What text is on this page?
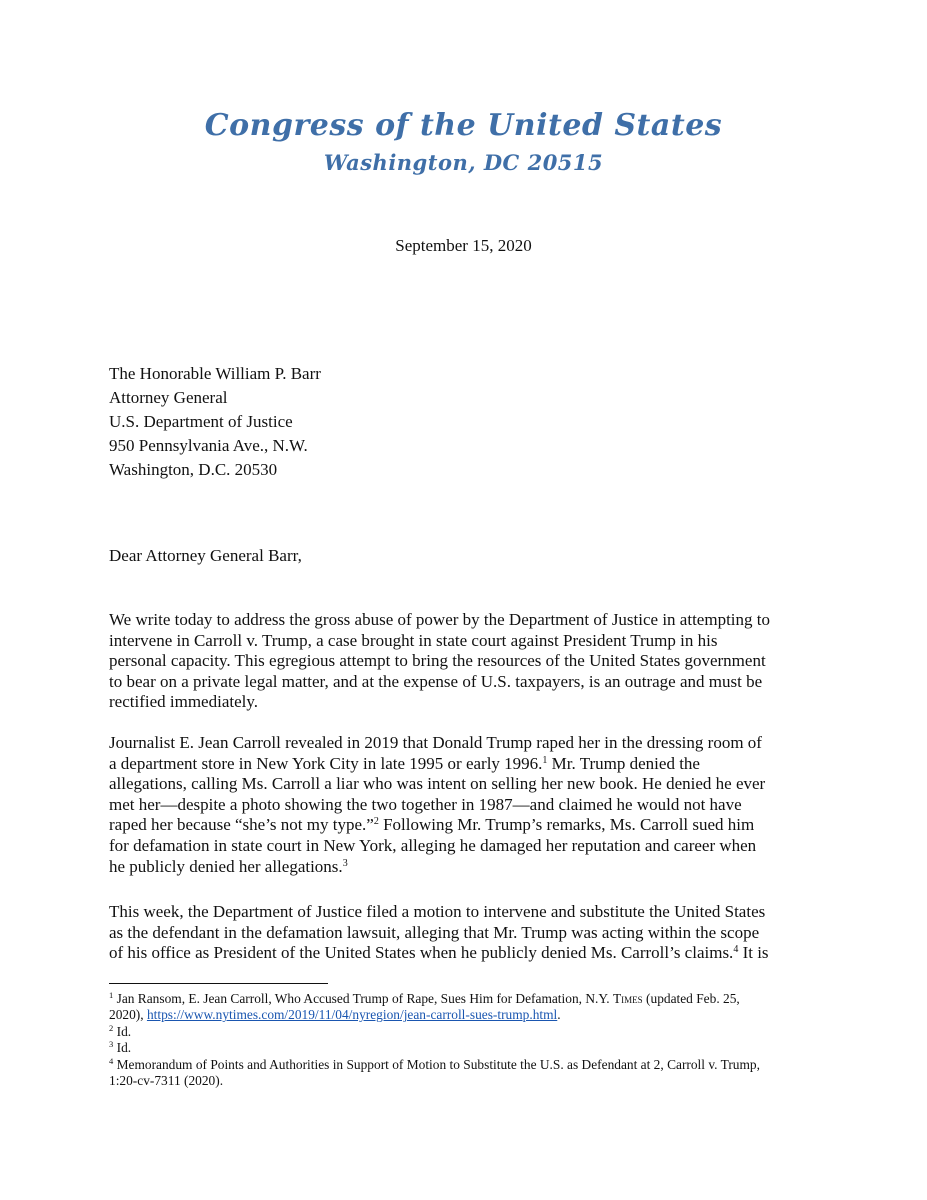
Congress of the United States
Washington, DC 20515
September 15, 2020
The Honorable William P. Barr
Attorney General
U.S. Department of Justice
950 Pennsylvania Ave., N.W.
Washington, D.C. 20530
Dear Attorney General Barr,
We write today to address the gross abuse of power by the Department of Justice in attempting to
intervene in Carroll v. Trump, a case brought in state court against President Trump in his
personal capacity. This egregious attempt to bring the resources of the United States government
to bear on a private legal matter, and at the expense of U.S. taxpayers, is an outrage and must be
rectified immediately.
Journalist E. Jean Carroll revealed in 2019 that Donald Trump raped her in the dressing room of
a department store in New York City in late 1995 or early 1996.$^1$ Mr. Trump denied the
allegations, calling Ms. Carroll a liar who was intent on selling her new book. He denied he ever
met her—despite a photo showing the two together in 1987—and claimed he would not have
raped her because “she’s not my type.”$^2$ Following Mr. Trump’s remarks, Ms. Carroll sued him
for defamation in state court in New York, alleging he damaged her reputation and career when
he publicly denied her allegations.$^3$
This week, the Department of Justice filed a motion to intervene and substitute the United States
as the defendant in the defamation lawsuit, alleging that Mr. Trump was acting within the scope
of his office as President of the United States when he publicly denied Ms. Carroll’s claims.$^4$ It is
$^1$ Jan Ransom, E. Jean Carroll, Who Accused Trump of Rape, Sues Him for Defamation, N.Y. Times (updated Feb. 25,
2020), https://www.nytimes.com/2019/11/04/nyregion/jean-carroll-sues-trump.html.
$^2$ Id.
$^3$ Id.
$^4$ Memorandum of Points and Authorities in Support of Motion to Substitute the U.S. as Defendant at 2, Carroll v. Trump,
1:20-cv-7311 (2020).
